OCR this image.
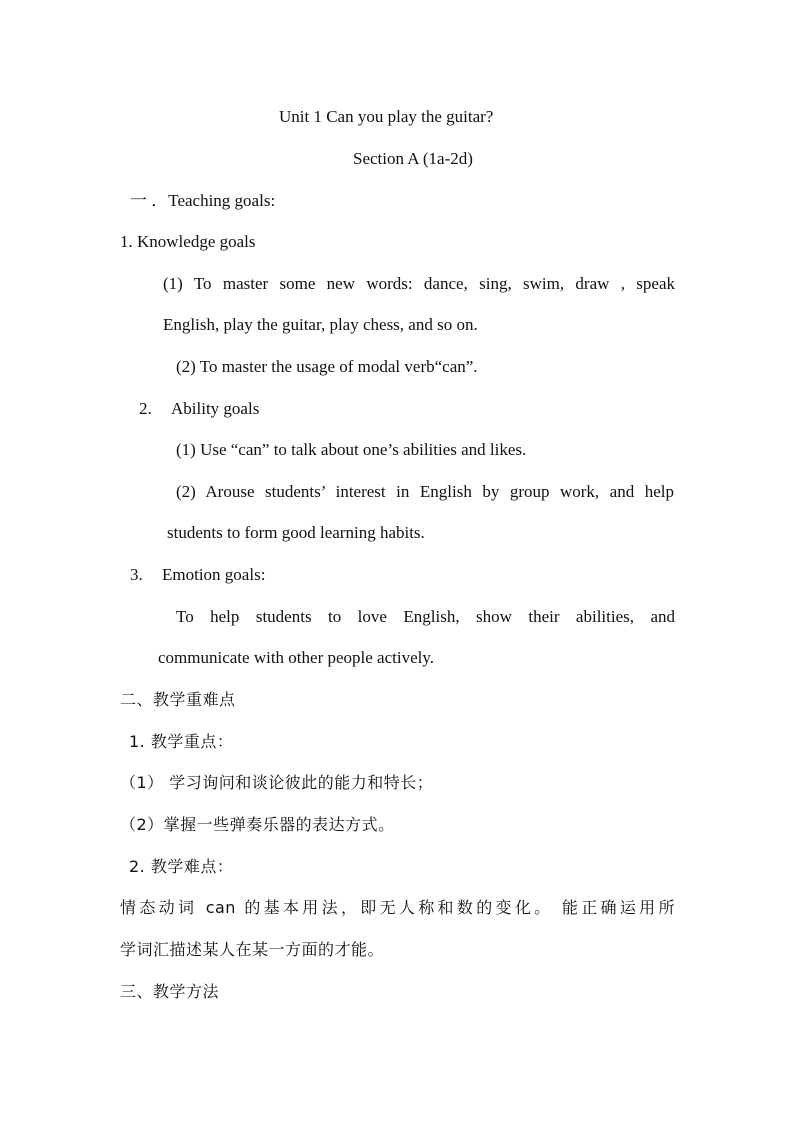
Unit 1 Can you play the guitar?
Section A (1a-2d)
一 ．Teaching goals:
1. Knowledge goals
(1) To master some new words: dance, sing, swim, draw , speak
English, play the guitar, play chess, and so on.
(2) To master the usage of modal verb“can”.
2. Ability goals
(1) Use “can” to talk about one’s abilities and likes.
(2) Arouse students’ interest in English by group work, and help
students to form good learning habits.
3. Emotion goals:
To help students to love English, show their abilities, and
communicate with other people actively.
二、教学重难点
1. 教学重点：
（1） 学习询问和谈论彼此的能力和特长；
（2）掌握一些弹奏乐器的表达方式。
2. 教学难点：
情态动词 can 的基本用法，即无人称和数的变化。 能正确运用所
学词汇描述某人在某一方面的才能。
三、教学方法
